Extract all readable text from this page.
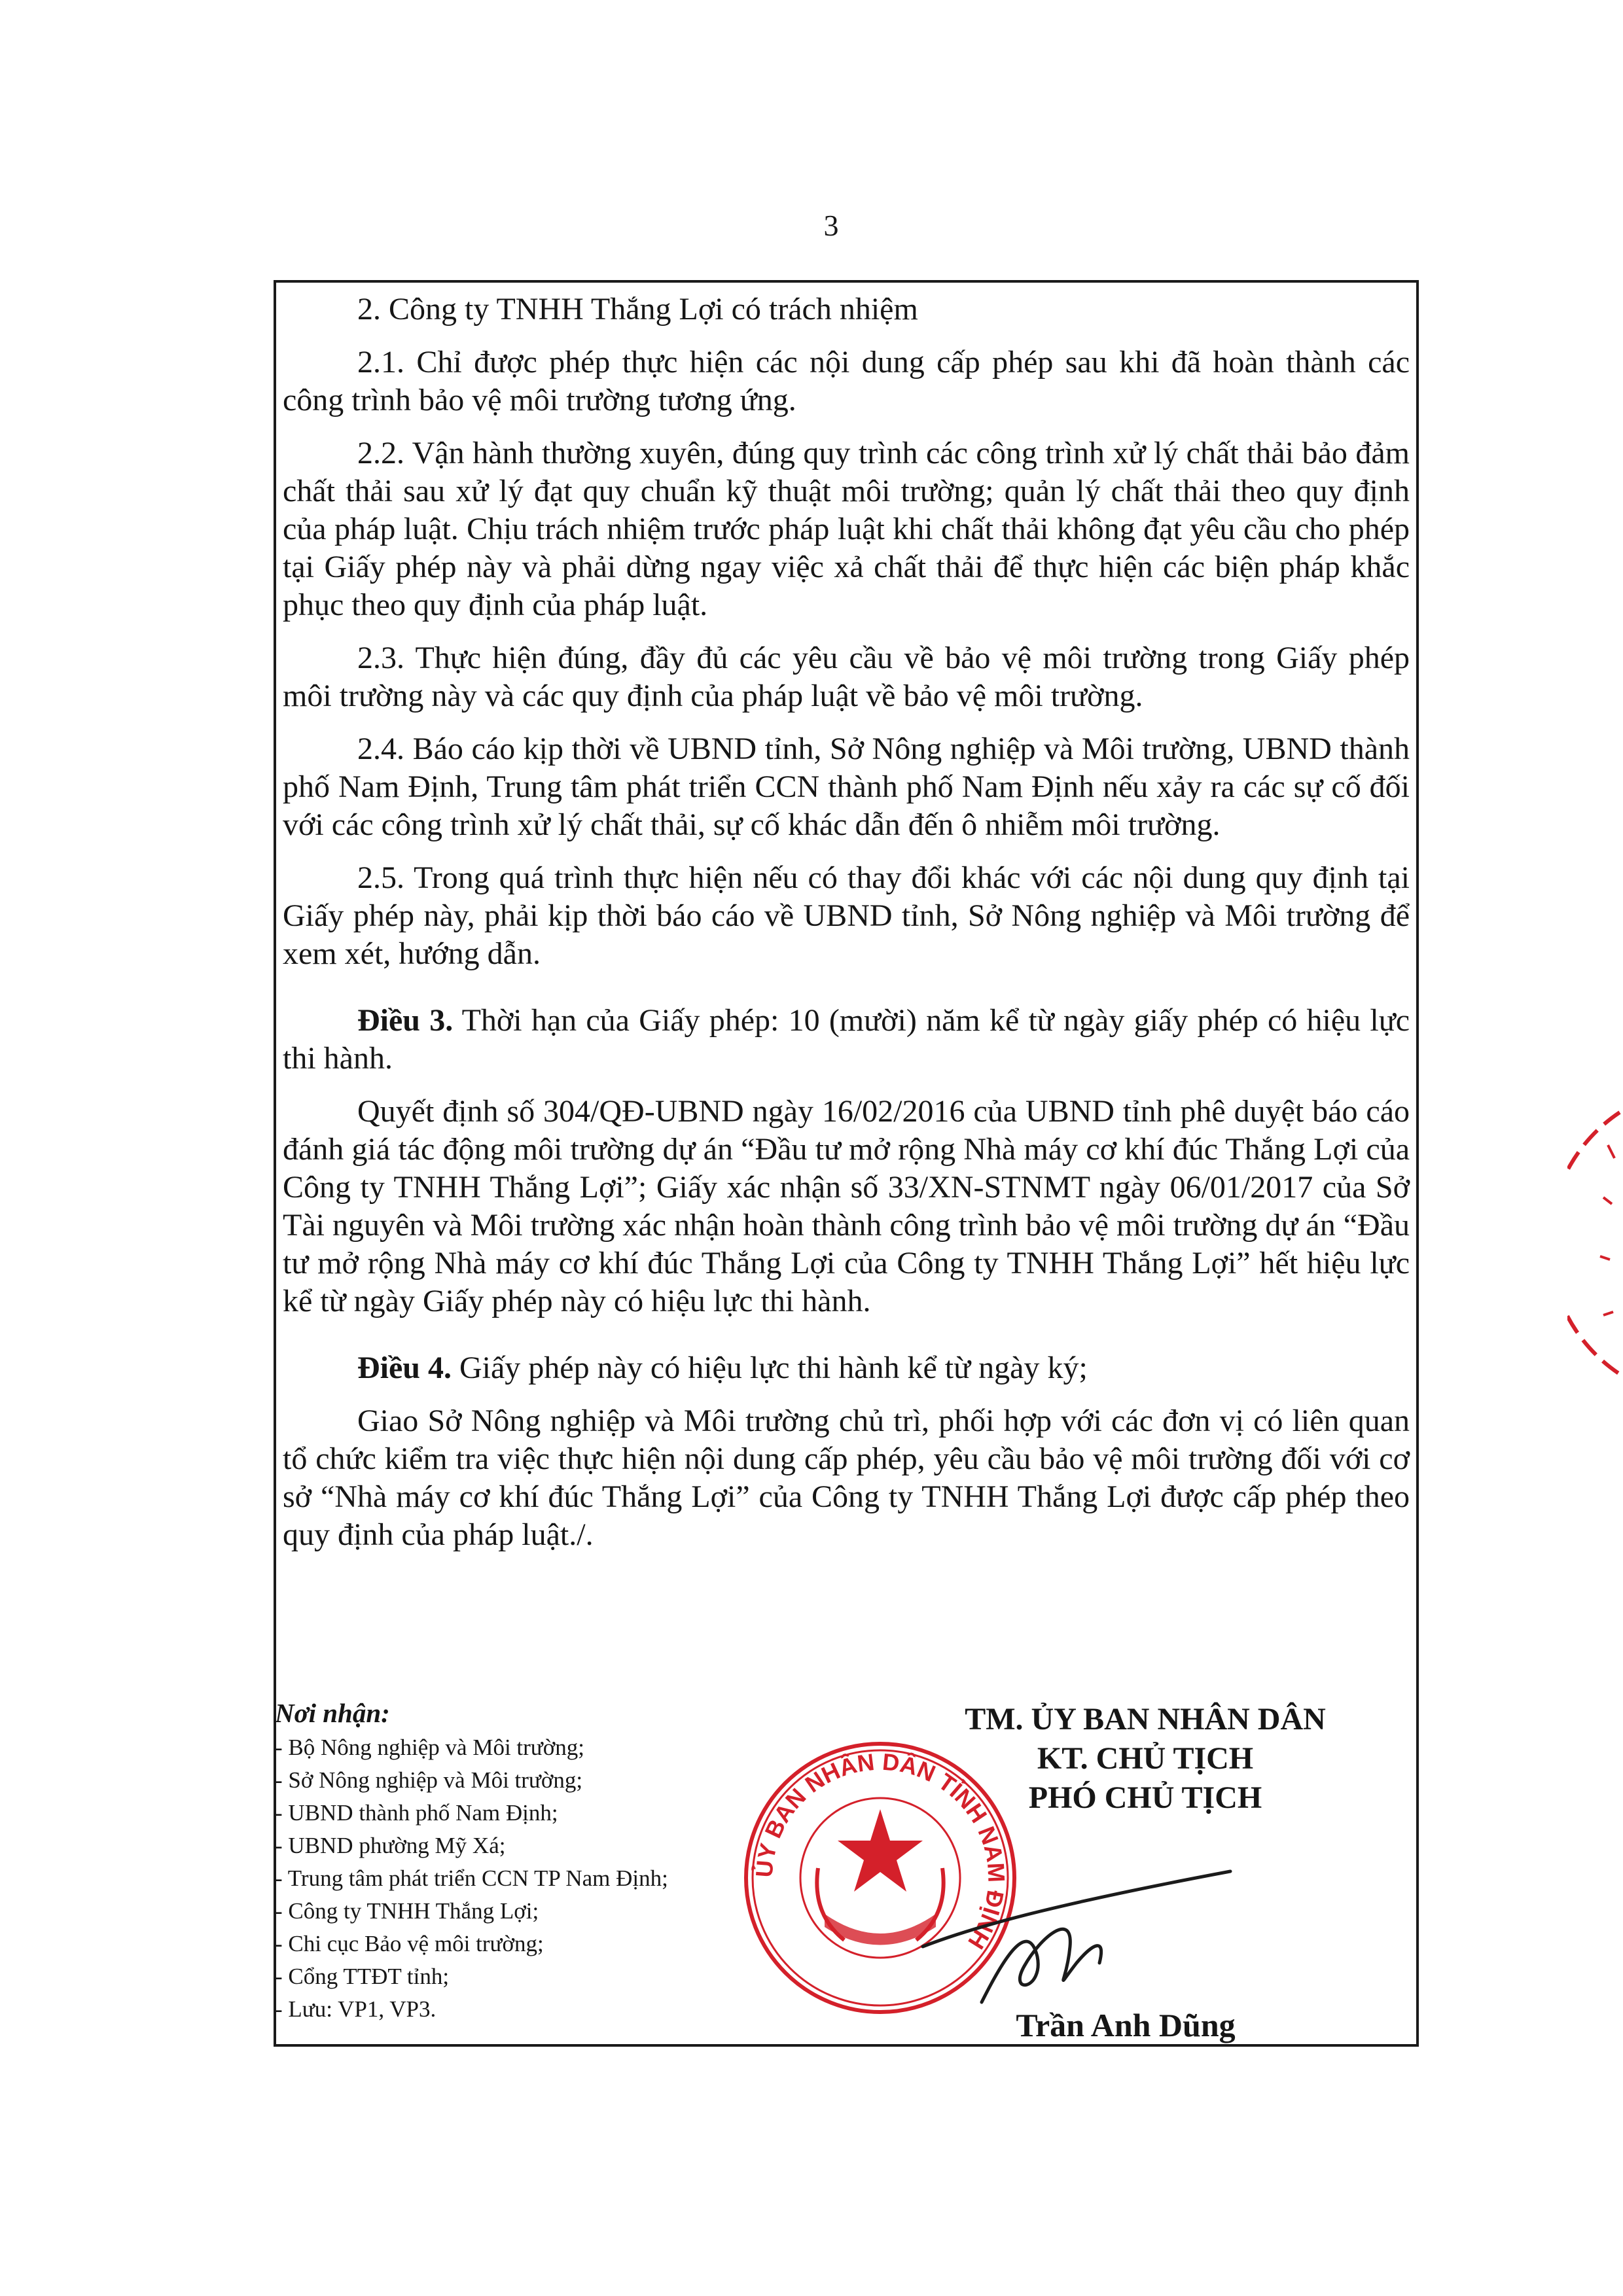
3

2. Công ty TNHH Thắng Lợi có trách nhiệm

2.1. Chỉ được phép thực hiện các nội dung cấp phép sau khi đã hoàn thành các công trình bảo vệ môi trường tương ứng.

2.2. Vận hành thường xuyên, đúng quy trình các công trình xử lý chất thải bảo đảm chất thải sau xử lý đạt quy chuẩn kỹ thuật môi trường; quản lý chất thải theo quy định của pháp luật. Chịu trách nhiệm trước pháp luật khi chất thải không đạt yêu cầu cho phép tại Giấy phép này và phải dừng ngay việc xả chất thải để thực hiện các biện pháp khắc phục theo quy định của pháp luật.

2.3. Thực hiện đúng, đầy đủ các yêu cầu về bảo vệ môi trường trong Giấy phép môi trường này và các quy định của pháp luật về bảo vệ môi trường.

2.4. Báo cáo kịp thời về UBND tỉnh, Sở Nông nghiệp và Môi trường, UBND thành phố Nam Định, Trung tâm phát triển CCN thành phố Nam Định nếu xảy ra các sự cố đối với các công trình xử lý chất thải, sự cố khác dẫn đến ô nhiễm môi trường.

2.5. Trong quá trình thực hiện nếu có thay đổi khác với các nội dung quy định tại Giấy phép này, phải kịp thời báo cáo về UBND tỉnh, Sở Nông nghiệp và Môi trường để xem xét, hướng dẫn.

Điều 3. Thời hạn của Giấy phép: 10 (mười) năm kể từ ngày giấy phép có hiệu lực thi hành.

Quyết định số 304/QĐ-UBND ngày 16/02/2016 của UBND tỉnh phê duyệt báo cáo đánh giá tác động môi trường dự án “Đầu tư mở rộng Nhà máy cơ khí đúc Thắng Lợi của Công ty TNHH Thắng Lợi”; Giấy xác nhận số 33/XN-STNMT ngày 06/01/2017 của Sở Tài nguyên và Môi trường xác nhận hoàn thành công trình bảo vệ môi trường dự án “Đầu tư mở rộng Nhà máy cơ khí đúc Thắng Lợi của Công ty TNHH Thắng Lợi” hết hiệu lực kể từ ngày Giấy phép này có hiệu lực thi hành.

Điều 4. Giấy phép này có hiệu lực thi hành kể từ ngày ký;

Giao Sở Nông nghiệp và Môi trường chủ trì, phối hợp với các đơn vị có liên quan tổ chức kiểm tra việc thực hiện nội dung cấp phép, yêu cầu bảo vệ môi trường đối với cơ sở “Nhà máy cơ khí đúc Thắng Lợi” của Công ty TNHH Thắng Lợi được cấp phép theo quy định của pháp luật./.

Nơi nhận:
- Bộ Nông nghiệp và Môi trường;
- Sở Nông nghiệp và Môi trường;
- UBND thành phố Nam Định;
- UBND phường Mỹ Xá;
- Trung tâm phát triển CCN TP Nam Định;
- Công ty TNHH Thắng Lợi;
- Chi cục Bảo vệ môi trường;
- Cổng TTĐT tỉnh;
- Lưu: VP1, VP3.
ỦY BAN NHÂN DÂN TỈNH NAM ĐỊNH
TM. ỦY BAN NHÂN DÂN
KT. CHỦ TỊCH
PHÓ CHỦ TỊCH
Trần Anh Dũng
